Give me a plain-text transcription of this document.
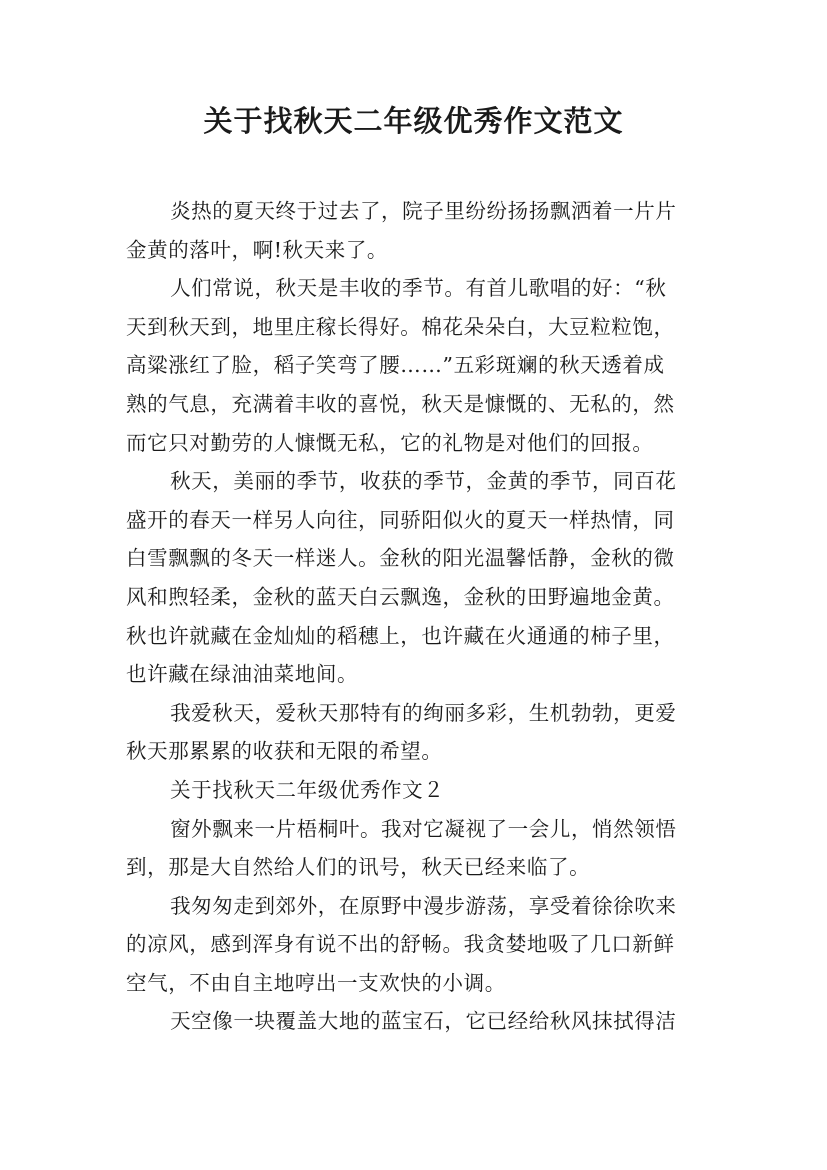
关于找秋天二年级优秀作文范文

炎热的夏天终于过去了，院子里纷纷扬扬飘洒着一片片
金黄的落叶，啊!秋天来了。

人们常说，秋天是丰收的季节。有首儿歌唱的好：“秋
天到秋天到，地里庄稼长得好。棉花朵朵白，大豆粒粒饱，
高粱涨红了脸，稻子笑弯了腰……”五彩斑斓的秋天透着成
熟的气息，充满着丰收的喜悦，秋天是慷慨的、无私的，然
而它只对勤劳的人慷慨无私，它的礼物是对他们的回报。

秋天，美丽的季节，收获的季节，金黄的季节，同百花
盛开的春天一样另人向往，同骄阳似火的夏天一样热情，同
白雪飘飘的冬天一样迷人。金秋的阳光温馨恬静，金秋的微
风和煦轻柔，金秋的蓝天白云飘逸，金秋的田野遍地金黄。
秋也许就藏在金灿灿的稻穗上，也许藏在火通通的柿子里，
也许藏在绿油油菜地间。

我爱秋天，爱秋天那特有的绚丽多彩，生机勃勃，更爱
秋天那累累的收获和无限的希望。

关于找秋天二年级优秀作文２

窗外飘来一片梧桐叶。我对它凝视了一会儿，悄然领悟
到，那是大自然给人们的讯号，秋天已经来临了。

我匆匆走到郊外，在原野中漫步游荡，享受着徐徐吹来
的凉风，感到浑身有说不出的舒畅。我贪婪地吸了几口新鲜
空气，不由自主地哼出一支欢快的小调。

天空像一块覆盖大地的蓝宝石，它已经给秋风抹拭得洁
